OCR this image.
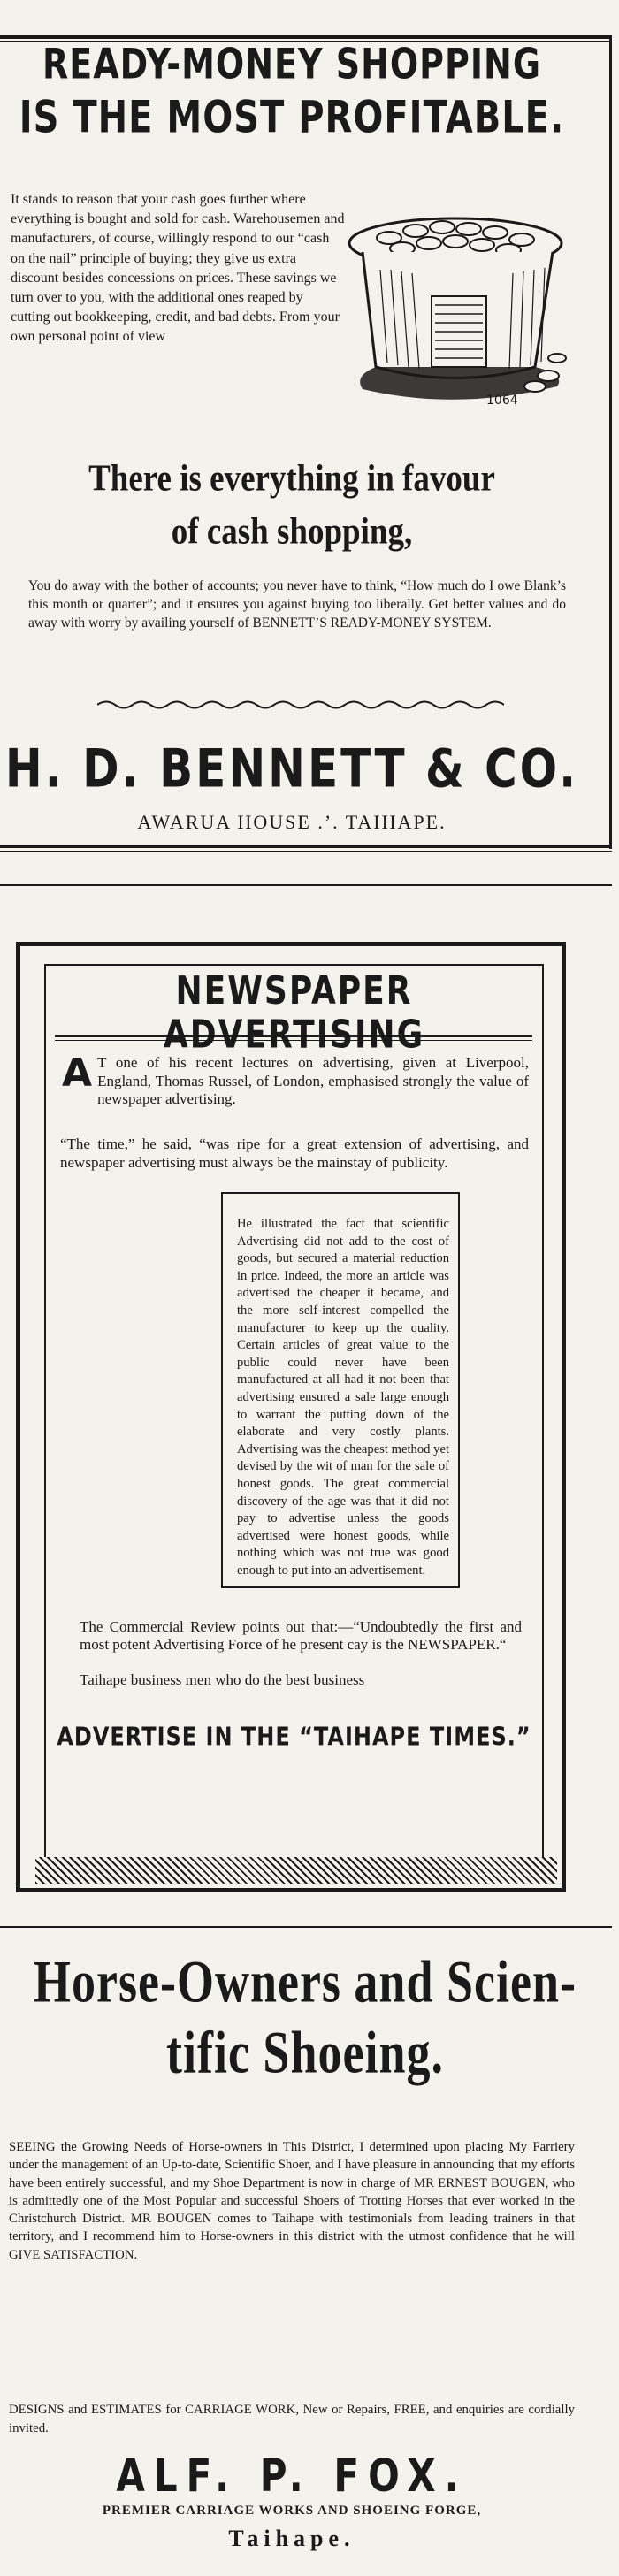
READY-MONEY SHOPPING
IS THE MOST PROFITABLE.
It stands to reason that your cash goes further where everything is bought and sold for cash. Warehousemen and manufacturers, of course, willingly respond to our “cash on the nail” principle of buying; they give us extra discount besides concessions on prices. These savings we turn over to you, with the additional ones reaped by cutting out bookkeeping, credit, and bad debts. From your own personal point of view
1064
There is everything in favour
of cash shopping,
You do away with the bother of accounts; you never have to think, “How much do I owe Blank’s this month or quarter”; and it ensures you against buying too liberally. Get better values and do away with worry by availing yourself of BENNETT’S READY-MONEY SYSTEM.
H. D. BENNETT & CO.
AWARUA HOUSE .’. TAIHAPE.
NEWSPAPER
A T one of his recent lectures on advertising, given at Liverpool, England, Thomas Russel, of London, emphasised strongly the value of newspaper advertising.
“The time,” he said, “was ripe for a great extension of advertising, and newspaper advertising must always be the mainstay of publicity.
He illustrated the fact that scientific Advertising did not add to the cost of goods, but secured a material reduction in price. Indeed, the more an article was advertised the cheaper it became, and the more self-interest compelled the manufacturer to keep up the quality. Certain articles of great value to the public could never have been manufactured at all had it not been that advertising ensured a sale large enough to warrant the putting down of the elaborate and very costly plants. Advertising was the cheapest method yet devised by the wit of man for the sale of honest goods. The great commercial discovery of the age was that it did not pay to advertise unless the goods advertised were honest goods, while nothing which was not true was good enough to put into an advertisement.
The Commercial Review points out that:—“Undoubtedly the first and most potent Advertising Force of he present cay is the NEWSPAPER.“
Taihape business men who do the best business
ADVERTISE IN THE “TAIHAPE TIMES.”
Horse-Owners and Scien-
tific Shoeing.
SEEING the Growing Needs of Horse-owners in This District, I determined upon placing My Farriery under the management of an Up-to-date, Scientific Shoer, and I have pleasure in announcing that my efforts have been entirely successful, and my Shoe Department is now in charge of MR ERNEST BOUGEN, who is admittedly one of the Most Popular and successful Shoers of Trotting Horses that ever worked in the Christchurch District. MR BOUGEN comes to Taihape with testimonials from leading trainers in that territory, and I recommend him to Horse-owners in this district with the utmost confidence that he will GIVE SATISFACTION.
DESIGNS and ESTIMATES for CARRIAGE WORK, New or Repairs, FREE, and enquiries are cordially invited.
ALF. P. FOX.
PREMIER CARRIAGE WORKS AND SHOEING FORGE,
Taihape.
